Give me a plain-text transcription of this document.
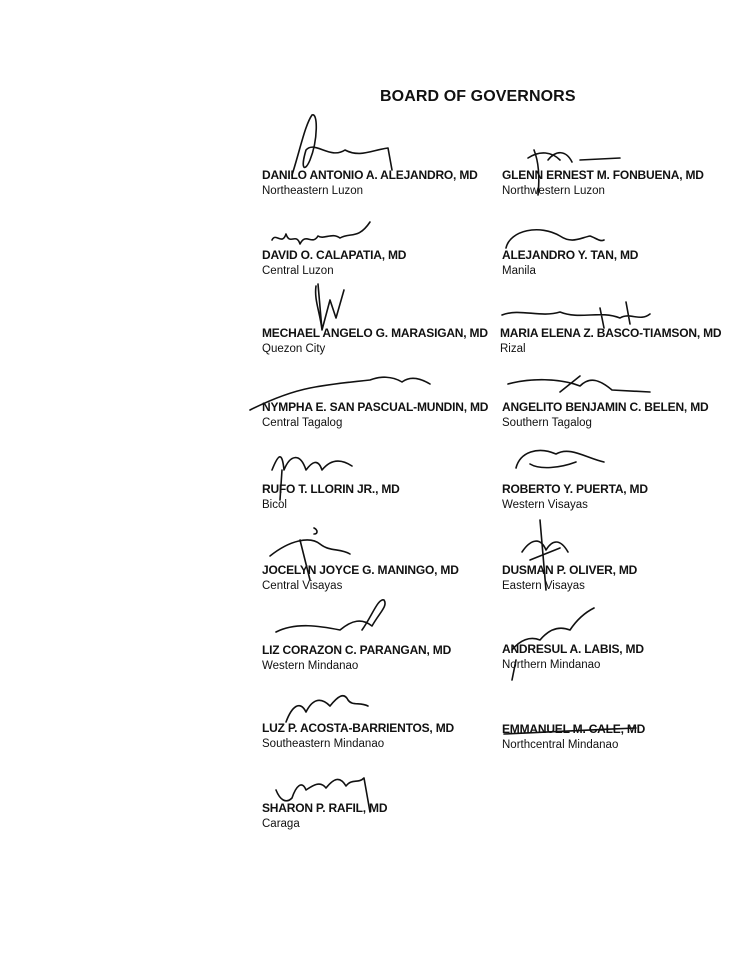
BOARD OF GOVERNORS
DANILO ANTONIO A. ALEJANDRO, MD
Northeastern Luzon
DAVID O. CALAPATIA, MD
Central Luzon
MECHAEL ANGELO G. MARASIGAN, MD
Quezon City
NYMPHA E. SAN PASCUAL-MUNDIN, MD
Central Tagalog
RUFO T. LLORIN JR., MD
Bicol
JOCELYN JOYCE G. MANINGO, MD
Central Visayas
LIZ CORAZON C. PARANGAN, MD
Western Mindanao
LUZ P. ACOSTA-BARRIENTOS, MD
Southeastern Mindanao
SHARON P. RAFIL, MD
Caraga
GLENN ERNEST M. FONBUENA, MD
Northwestern Luzon
ALEJANDRO Y. TAN, MD
Manila
MARIA ELENA Z. BASCO-TIAMSON, MD
Rizal
ANGELITO BENJAMIN C. BELEN, MD
Southern Tagalog
ROBERTO Y. PUERTA, MD
Western Visayas
DUSMAN P. OLIVER, MD
Eastern Visayas
ANDRESUL A. LABIS, MD
Northern Mindanao
EMMANUEL M. CALE, MD
Northcentral Mindanao
